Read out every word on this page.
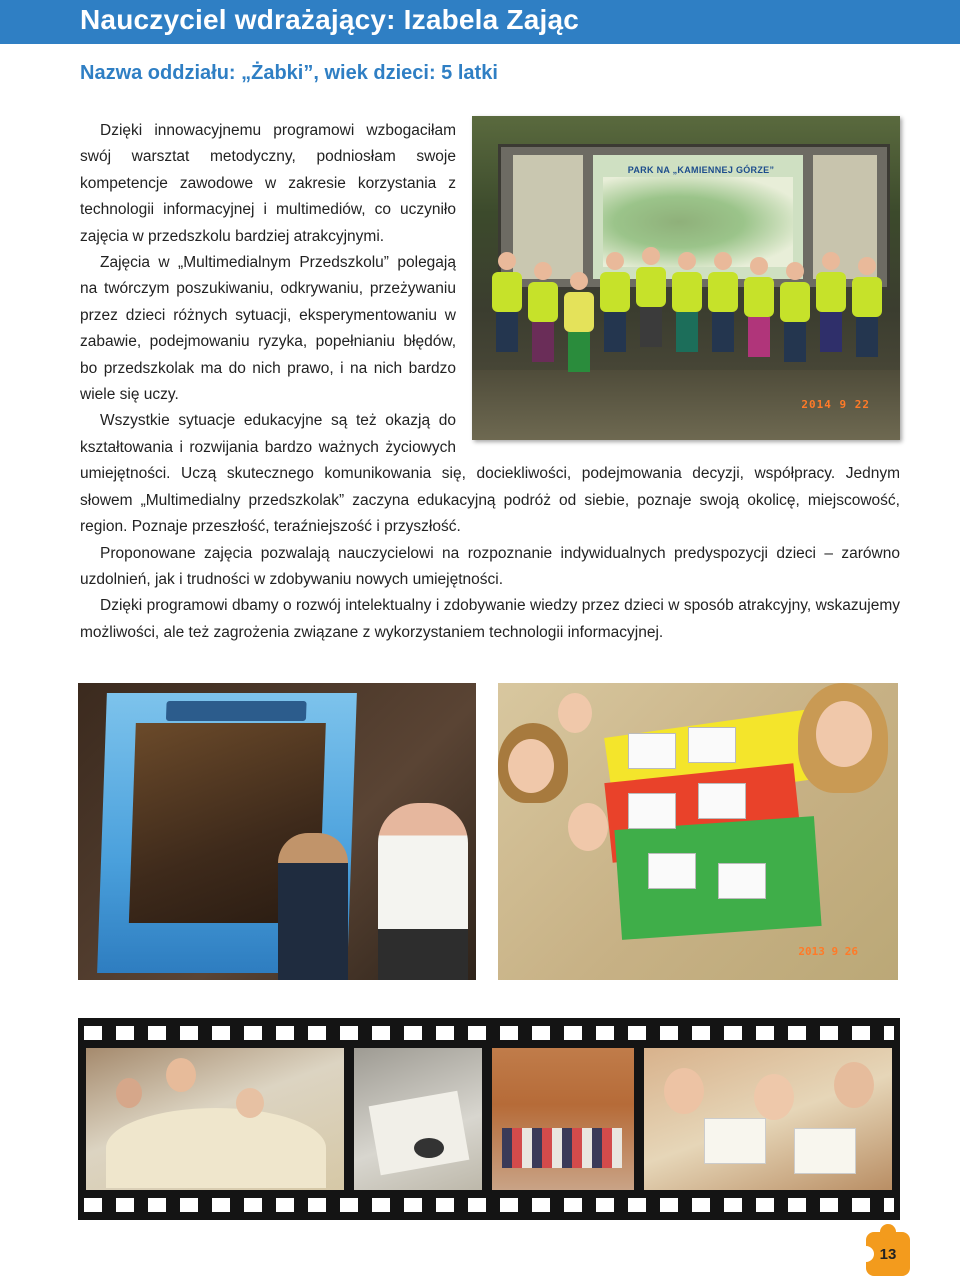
Nauczyciel wdrażający: Izabela Zając
Nazwa oddziału: „Żabki”, wiek dzieci: 5 latki
PARK NA „KAMIENNEJ GÓRZE”
2014 9 22

Dzięki innowacyjnemu programowi wzbogaciłam swój warsztat metodyczny, podniosłam swoje kompetencje zawodowe w zakresie korzystania z technologii informacyjnej i multimediów, co uczyniło zajęcia w przedszkolu bardziej atrakcyjnymi.

Zajęcia w „Multimedialnym Przedszkolu” polegają na twórczym poszukiwaniu, odkrywaniu, przeżywaniu przez dzieci różnych sytuacji, eksperymentowaniu w zabawie, podejmowaniu ryzyka, popełnianiu błędów, bo przedszkolak ma do nich prawo, i na nich bardzo wiele się uczy.

Wszystkie sytuacje edukacyjne są też okazją do kształtowania i rozwijania bardzo ważnych życiowych umiejętności. Uczą skutecznego komunikowania się, dociekliwości, podejmowania decyzji, współpracy. Jednym słowem „Multimedialny przedszkolak” zaczyna edukacyjną podróż od siebie, poznaje swoją okolicę, miejscowość, region. Poznaje przeszłość, teraźniejszość i przyszłość.

Proponowane zajęcia pozwalają nauczycielowi na rozpoznanie indywidualnych predyspozycji dzieci – zarówno uzdolnień, jak i trudności w zdobywaniu nowych umiejętności.

Dzięki programowi dbamy o rozwój intelektualny i zdobywanie wiedzy przez dzieci w sposób atrakcyjny, wskazujemy możliwości, ale też zagrożenia związane z wykorzystaniem technologii informacyjnej.

2013 9 26
13
